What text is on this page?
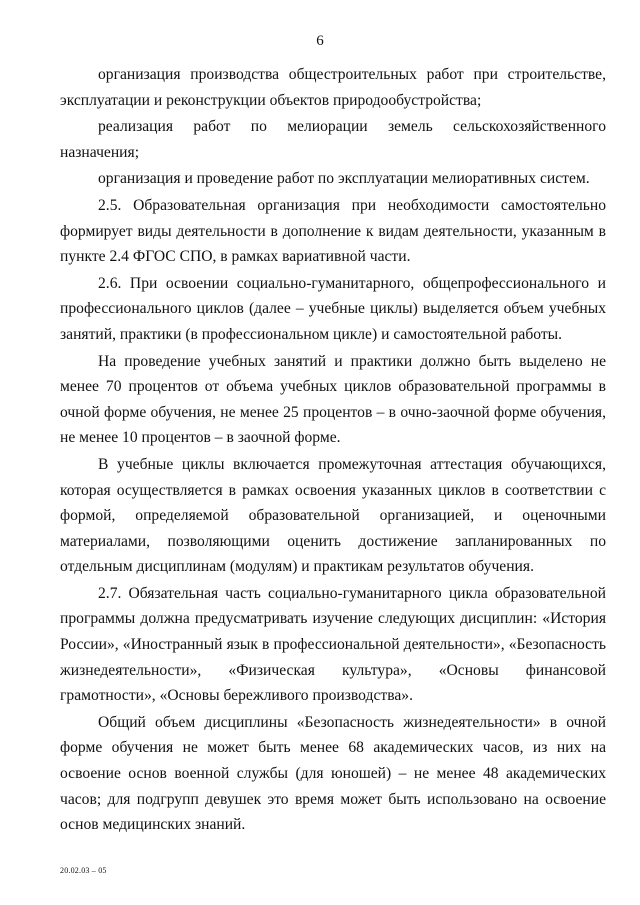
6

организация производства общестроительных работ при строительстве, эксплуатации и реконструкции объектов природообустройства;

реализация работ по мелиорации земель сельскохозяйственного назначения;

организация и проведение работ по эксплуатации мелиоративных систем.

2.5. Образовательная организация при необходимости самостоятельно формирует виды деятельности в дополнение к видам деятельности, указанным в пункте 2.4 ФГОС СПО, в рамках вариативной части.

2.6. При освоении социально-гуманитарного, общепрофессионального и профессионального циклов (далее – учебные циклы) выделяется объем учебных занятий, практики (в профессиональном цикле) и самостоятельной работы.

На проведение учебных занятий и практики должно быть выделено не менее 70 процентов от объема учебных циклов образовательной программы в очной форме обучения, не менее 25 процентов – в очно-заочной форме обучения, не менее 10 процентов – в заочной форме.

В учебные циклы включается промежуточная аттестация обучающихся, которая осуществляется в рамках освоения указанных циклов в соответствии с формой, определяемой образовательной организацией, и оценочными материалами, позволяющими оценить достижение запланированных по отдельным дисциплинам (модулям) и практикам результатов обучения.

2.7. Обязательная часть социально-гуманитарного цикла образовательной программы должна предусматривать изучение следующих дисциплин: «История России», «Иностранный язык в профессиональной деятельности», «Безопасность жизнедеятельности», «Физическая культура», «Основы финансовой грамотности», «Основы бережливого производства».

Общий объем дисциплины «Безопасность жизнедеятельности» в очной форме обучения не может быть менее 68 академических часов, из них на освоение основ военной службы (для юношей) – не менее 48 академических часов; для подгрупп девушек это время может быть использовано на освоение основ медицинских знаний.

20.02.03 – 05
